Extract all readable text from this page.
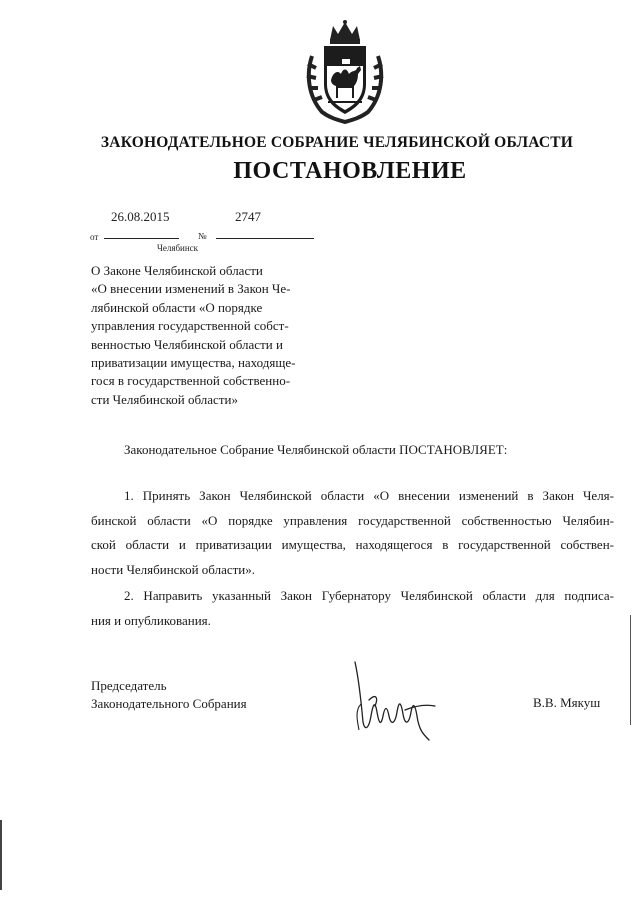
ЗАКОНОДАТЕЛЬНОЕ СОБРАНИЕ ЧЕЛЯБИНСКОЙ ОБЛАСТИ
ПОСТАНОВЛЕНИЕ
26.08.2015	2747
от	№
Челябинск
О Законе Челябинской области
«О внесении изменений в Закон Че-
лябинской области «О порядке
управления государственной собст-
венностью Челябинской области и
приватизации имущества, находяще-
гося в государственной собственно-
сти Челябинской области»
Законодательное Собрание Челябинской области ПОСТАНОВЛЯЕТ:
1. Принять Закон Челябинской области «О внесении изменений в Закон Челя-
бинской области «О порядке управления государственной собственностью Челябин-
ской области и приватизации имущества, находящегося в государственной собствен-
ности Челябинской области».
2. Направить указанный Закон Губернатору Челябинской области для подписа-
ния и опубликования.
Председатель
Законодательного Собрания	В.В. Мякуш
